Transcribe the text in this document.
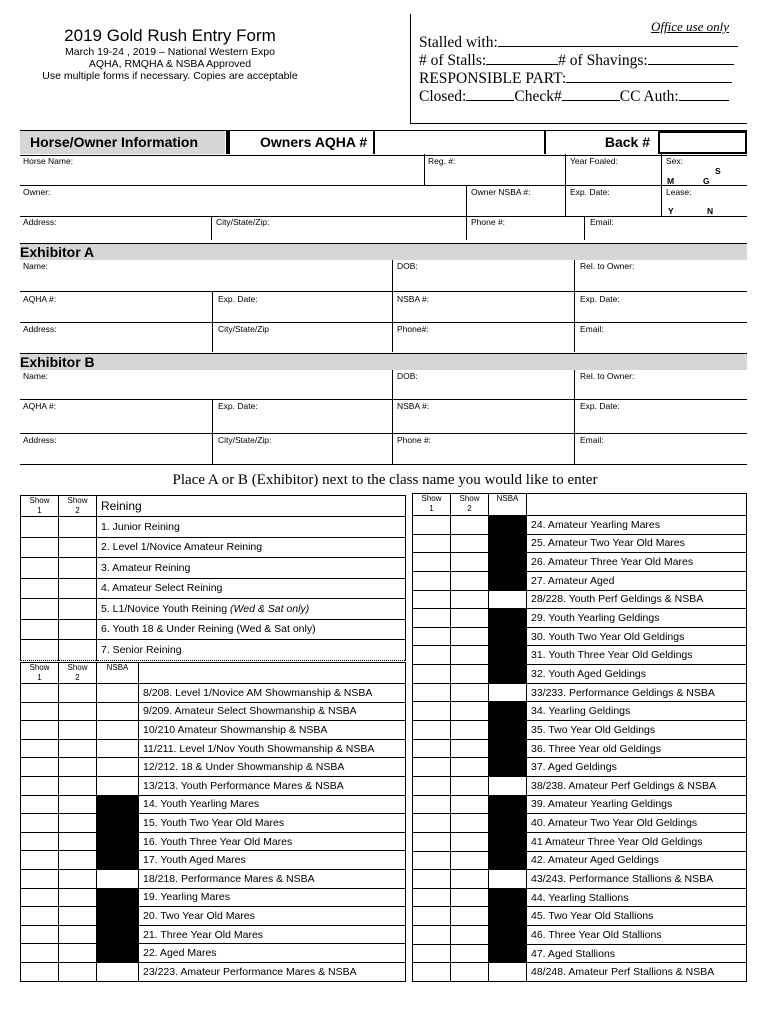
2019 Gold Rush Entry Form
March 19-24 , 2019 – National Western Expo
AQHA, RMQHA & NSBA Approved
Use multiple forms if necessary. Copies are acceptable
Office use only
Stalled with:
# of Stalls:	# of Shavings:
RESPONSIBLE PART:
Closed:	Check#	CC Auth:
Horse/Owner Information	Owners AQHA #	Back #
Horse Name:	Reg. #:	Year Foaled:	Sex:
S
M	G
Owner:	Owner NSBA #:	Exp. Date:	Lease:
Y	N
Address:	City/State/Zip:	Phone #:	Email:
Exhibitor A
Name:	DOB:	Rel. to Owner:
AQHA #:	Exp. Date:	NSBA #:	Exp. Date:
Address:	City/State/Zip	Phone#:	Email:
Exhibitor B
Name:	DOB:	Rel. to Owner:
AQHA #:	Exp. Date:	NSBA #:	Exp. Date:
Address:	City/State/Zip:	Phone #:	Email:
Place A or B (Exhibitor) next to the class name you would like to enter
Show
1	Show
2	Reining
		1. Junior Reining
		2. Level 1/Novice Amateur Reining
		3. Amateur Reining
		4. Amateur Select Reining
		5. L1/Novice Youth Reining (Wed & Sat only)
		6. Youth 18 & Under Reining (Wed & Sat only)
		7. Senior Reining
Show
1	Show
2	NSBA	
			8/208. Level 1/Novice AM Showmanship & NSBA
			9/209. Amateur Select Showmanship & NSBA
			10/210 Amateur Showmanship & NSBA
			11/211. Level 1/Nov Youth Showmanship & NSBA
			12/212. 18 & Under Showmanship & NSBA
			13/213. Youth Performance Mares & NSBA
			14. Youth Yearling Mares
			15. Youth Two Year Old Mares
			16. Youth Three Year Old Mares
			17. Youth Aged Mares
			18/218. Performance Mares & NSBA
			19. Yearling Mares
			20. Two Year Old Mares
			21. Three Year Old Mares
			22. Aged Mares
			23/223. Amateur Performance Mares & NSBA
Show
1	Show
2	NSBA	
			24. Amateur Yearling Mares
			25. Amateur Two Year Old Mares
			26. Amateur Three Year Old Mares
			27. Amateur Aged
			28/228. Youth Perf Geldings & NSBA
			29. Youth Yearling Geldings
			30. Youth Two Year Old Geldings
			31. Youth Three Year Old Geldings
			32. Youth Aged Geldings
			33/233. Performance Geldings & NSBA
			34. Yearling Geldings
			35. Two Year Old Geldings
			36. Three Year old Geldings
			37. Aged Geldings
			38/238. Amateur Perf Geldings & NSBA
			39. Amateur Yearling Geldings
			40. Amateur Two Year Old Geldings
			41 Amateur Three Year Old Geldings
			42. Amateur Aged Geldings
			43/243. Performance Stallions & NSBA
			44. Yearling Stallions
			45. Two Year Old Stallions
			46. Three Year Old Stallions
			47. Aged Stallions
			48/248. Amateur Perf Stallions & NSBA
